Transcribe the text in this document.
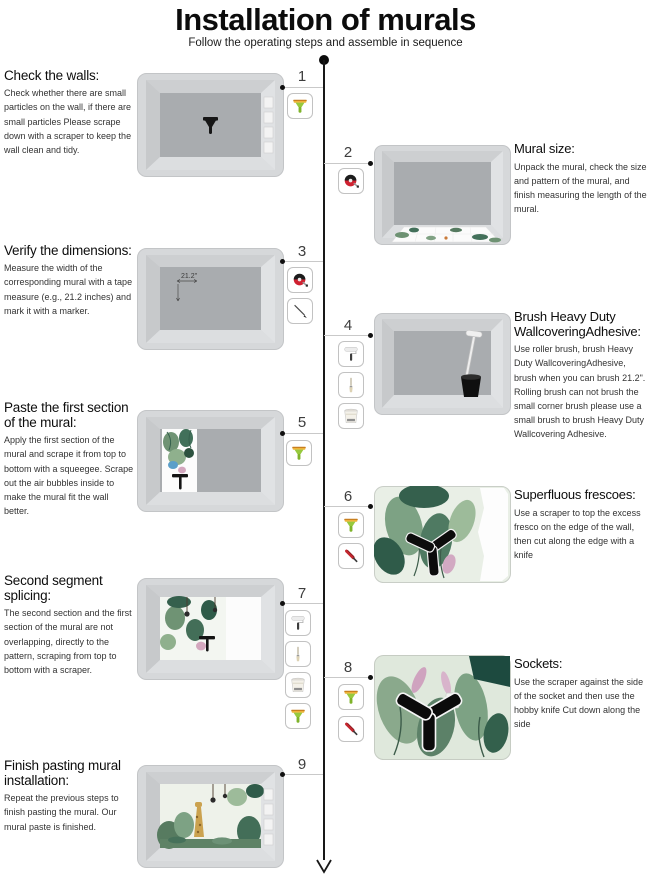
Installation of murals
Follow the operating steps and assemble in sequence
Check the walls:
Check whether there are small particles on the wall, if there are small particles Please scrape down with a scraper to keep the wall clean and tidy.
1
2	Mural size:
Unpack the mural, check the size and pattern of the mural, and finish measuring the length of the mural.
Verify the dimensions:
Measure the width of the corresponding mural with a tape measure (e.g., 21.2 inches) and mark it with a marker.
21.2"
3
4
Brush Heavy Duty WallcoveringAdhesive:
Use roller brush, brush Heavy Duty WallcoveringAdhesive, brush when you can brush 21.2". Rolling brush can not brush the small corner brush please use a small brush to brush Heavy Duty Wallcovering Adhesive.
Paste the first section of the mural:
Apply the first section of the mural and scrape it from top to bottom with a squeegee. Scrape out the air bubbles inside to make the mural fit the wall better.
5
6	Superfluous frescoes:
Use a scraper to top the excess fresco on the edge of the wall, then cut along the edge with a knife
Second segment splicing:
The second section and the first section of the mural are not overlapping, directly to the pattern, scraping from top to bottom with a scraper.
7
8	Sockets:
Use the scraper against the side of the socket and then use the hobby knife Cut down along the side
Finish pasting mural installation:
Repeat the previous steps to finish pasting the mural. Our mural paste is finished.
9
